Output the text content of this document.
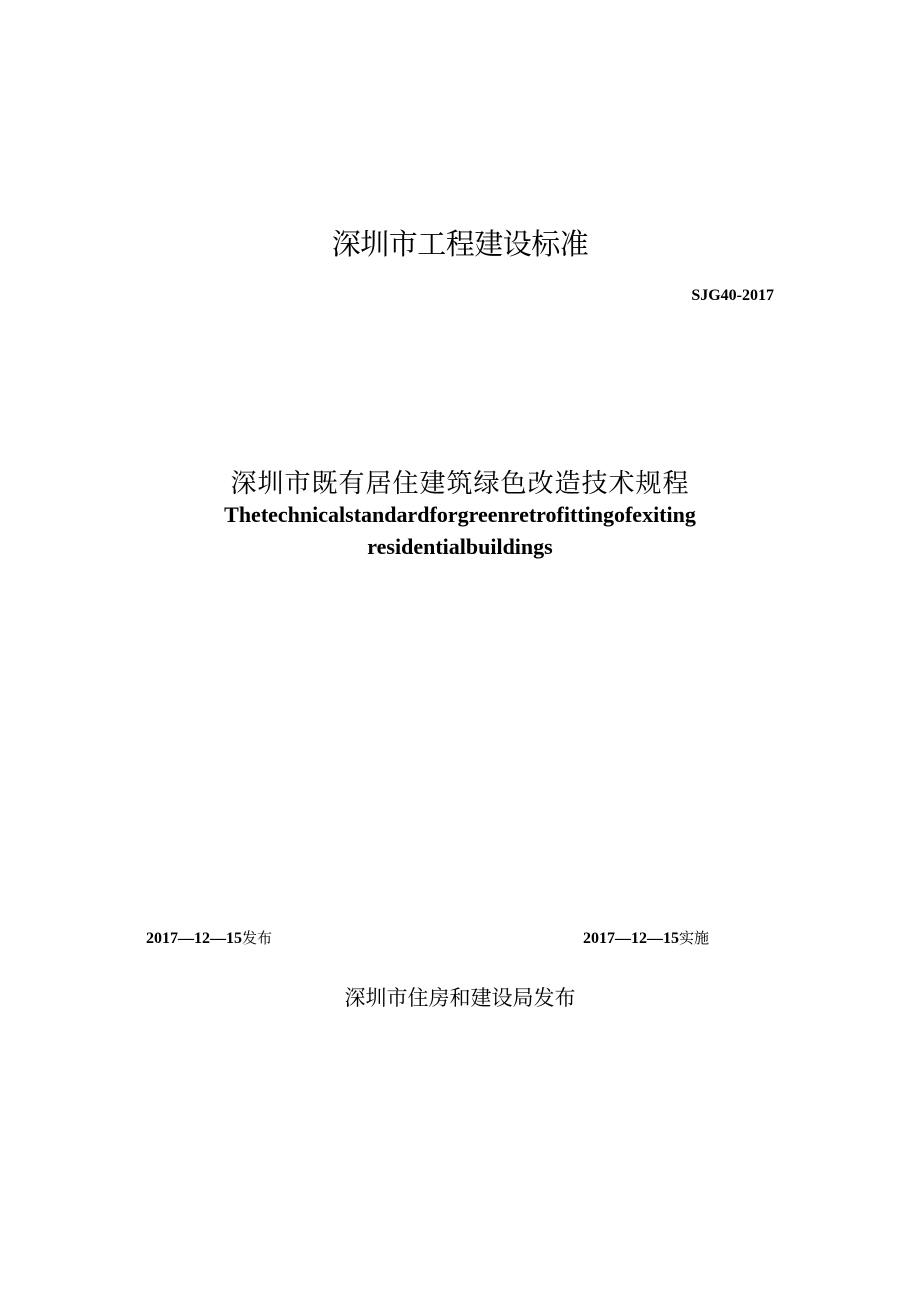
深圳市工程建设标准
SJG40-2017
深圳市既有居住建筑绿色改造技术规程
Thetechnicalstandardforgreenretrofittingofexiting
residentialbuildings
2017—12—15发布	2017—12—15实施
深圳市住房和建设局发布
